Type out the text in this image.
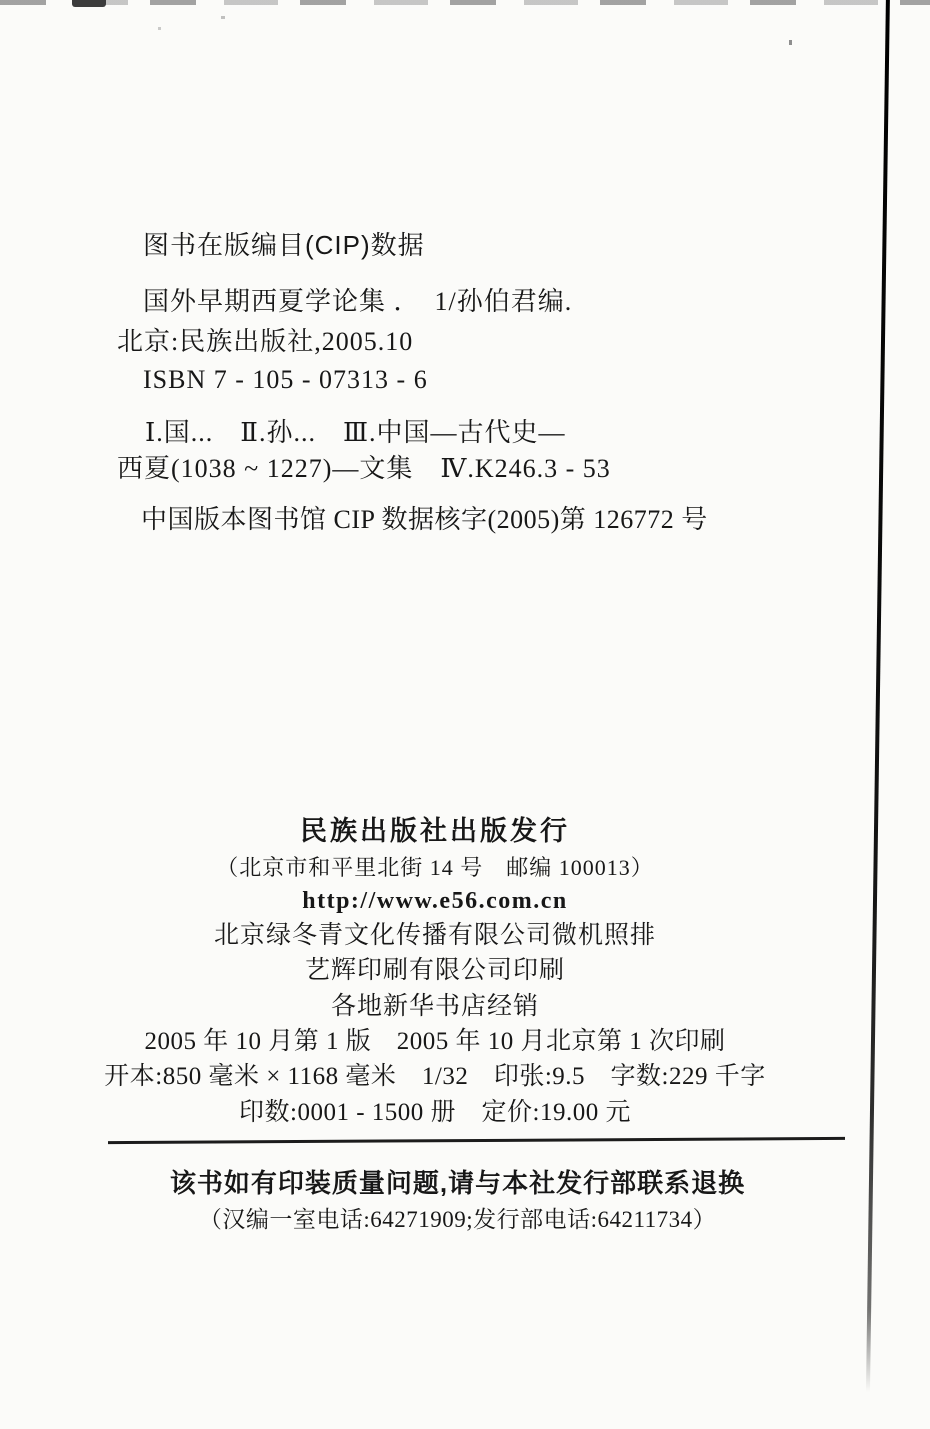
图书在版编目(CIP)数据

国外早期西夏学论集 ．　1/孙伯君编.

北京:民族出版社,2005.10

ISBN 7 - 105 - 07313 - 6

Ⅰ.国...　Ⅱ.孙...　Ⅲ.中国—古代史—

西夏(1038 ~ 1227)—文集　Ⅳ.K246.3 - 53

中国版本图书馆 CIP 数据核字(2005)第 126772 号

民族出版社出版发行

（北京市和平里北街 14 号　邮编 100013）

http://www.e56.com.cn

北京绿冬青文化传播有限公司微机照排

艺辉印刷有限公司印刷

各地新华书店经销

2005 年 10 月第 1 版　2005 年 10 月北京第 1 次印刷

开本:850 毫米 × 1168 毫米　1/32　印张:9.5　字数:229 千字

印数:0001 - 1500 册　定价:19.00 元

该书如有印装质量问题,请与本社发行部联系退换

（汉编一室电话:64271909;发行部电话:64211734）
